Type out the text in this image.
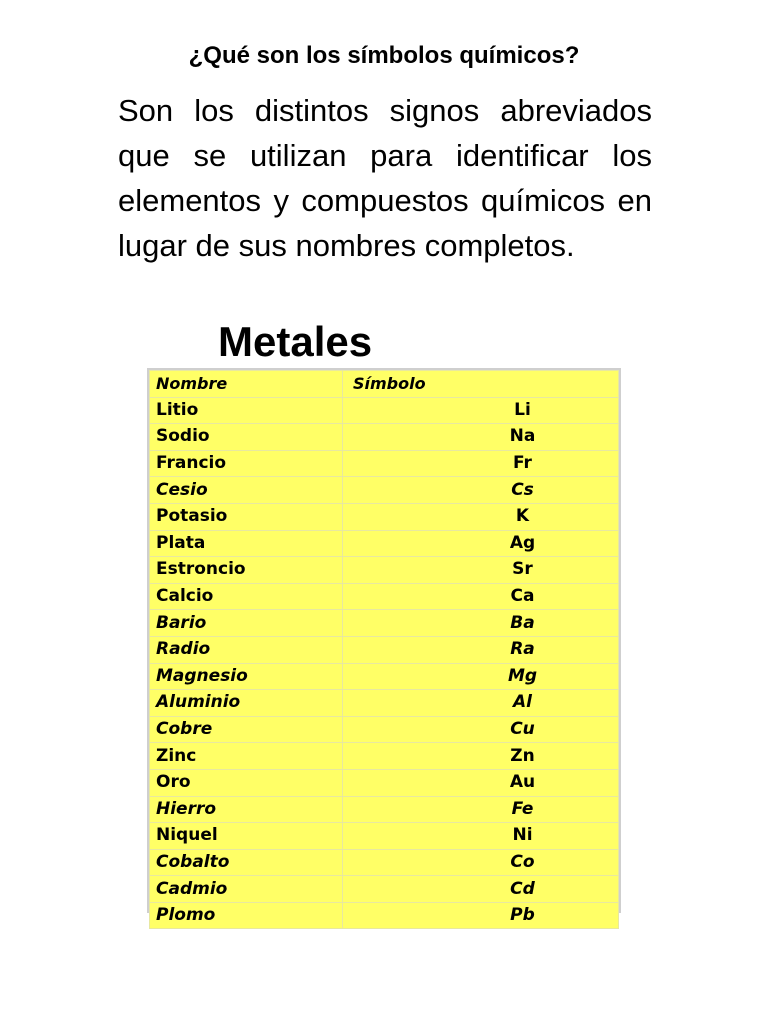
¿Qué son los símbolos químicos?

Son los distintos signos abreviados que se utilizan para identificar los elementos y compuestos químicos en lugar de sus nombres completos.

Metales
Nombre	Símbolo
Litio	Li
Sodio	Na
Francio	Fr
Cesio	Cs
Potasio	K
Plata	Ag
Estroncio	Sr
Calcio	Ca
Bario	Ba
Radio	Ra
Magnesio	Mg
Aluminio	Al
Cobre	Cu
Zinc	Zn
Oro	Au
Hierro	Fe
Niquel	Ni
Cobalto	Co
Cadmio	Cd
Plomo	Pb
